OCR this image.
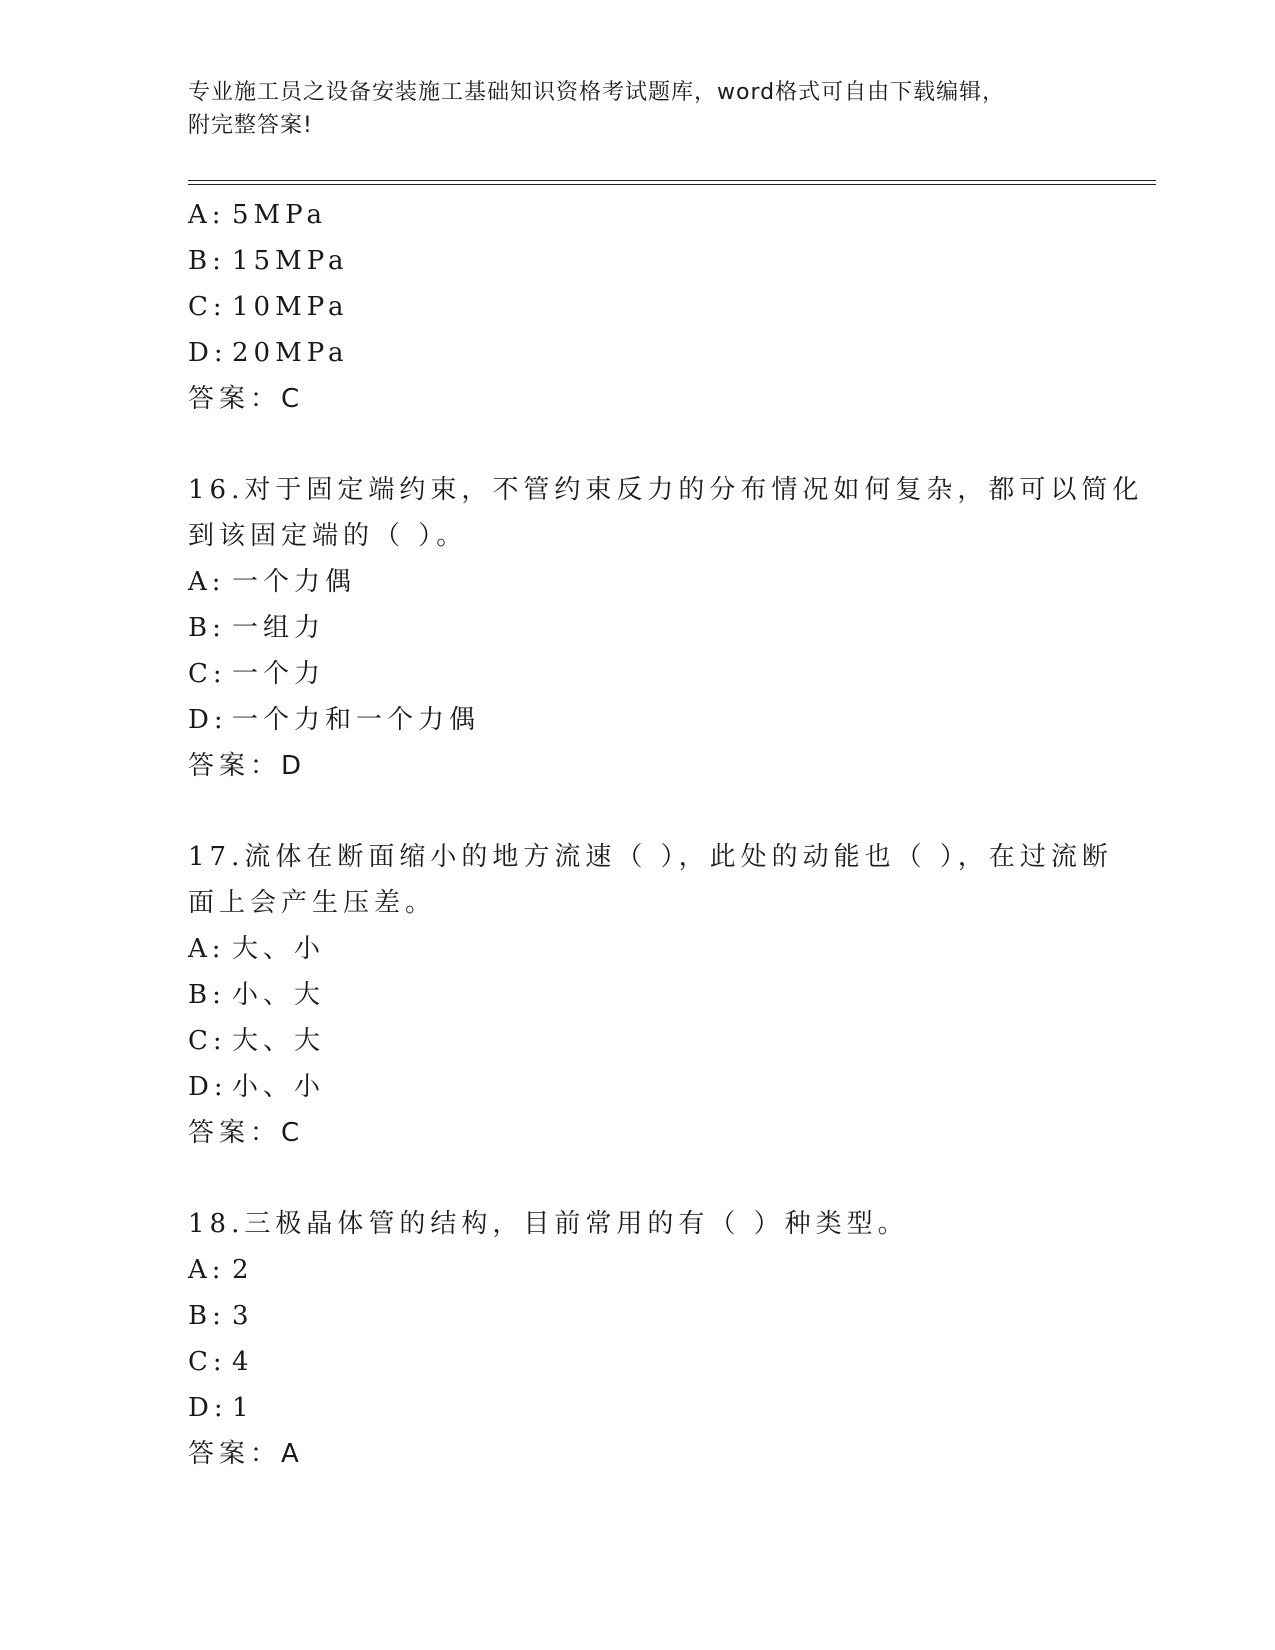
专业施工员之设备安装施工基础知识资格考试题库，word格式可自由下载编辑，
附完整答案!
A: 5MPa
B: 15MPa
C: 10MPa
D: 20MPa
答案：C
16.对于固定端约束，不管约束反力的分布情况如何复杂，都可以简化
到该固定端的（ ）。
A: 一个力偶
B: 一组力
C: 一个力
D: 一个力和一个力偶
答案：D
17.流体在断面缩小的地方流速（ ），此处的动能也（ ），在过流断
面上会产生压差。
A: 大、小
B: 小、大
C: 大、大
D: 小、小
答案：C
18.三极晶体管的结构，目前常用的有（ ）种类型。
A: 2
B: 3
C: 4
D: 1
答案：A
